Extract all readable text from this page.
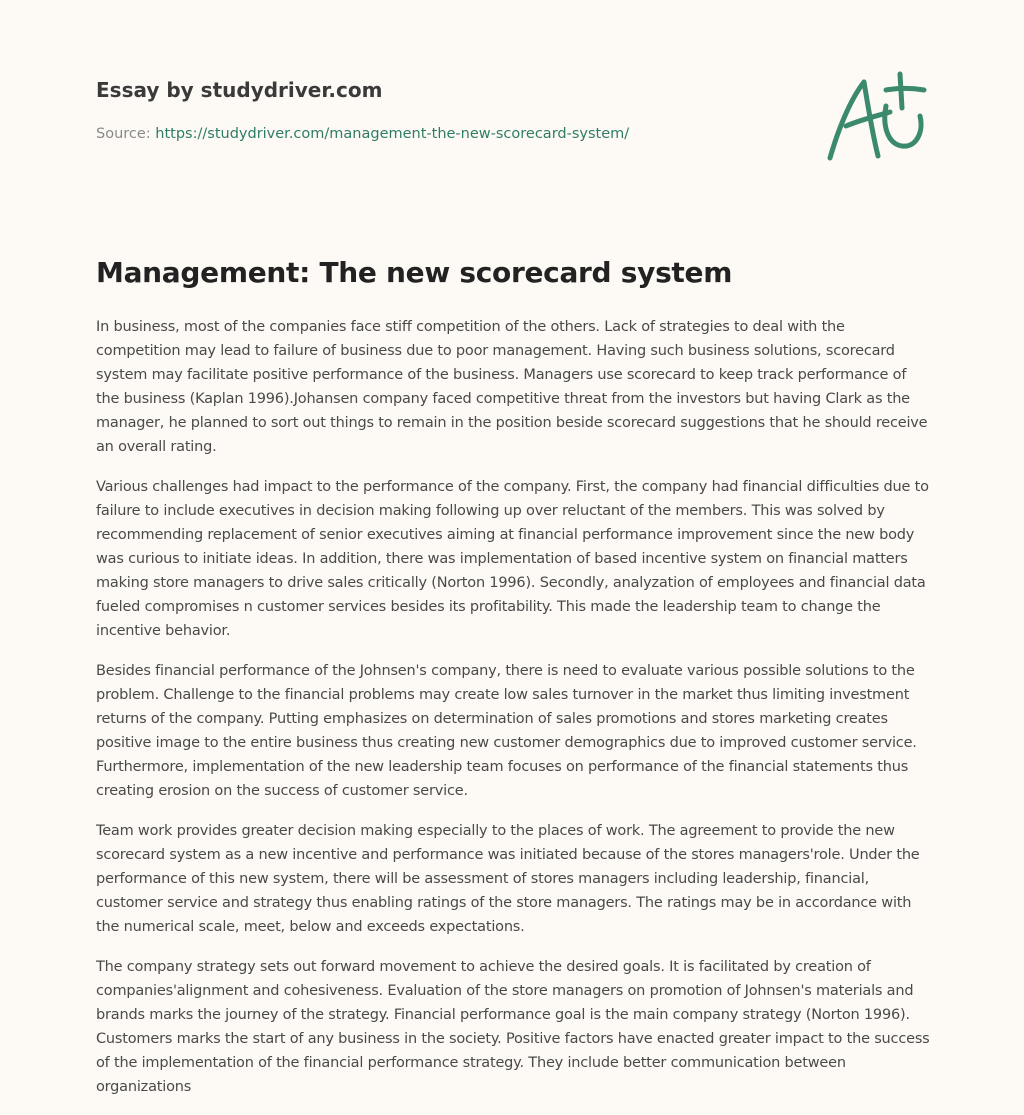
Essay by studydriver.com
Source: https://studydriver.com/management-the-new-scorecard-system/
Management: The new scorecard system

In business, most of the companies face stiff competition of the others. Lack of strategies to deal with the competition may lead to failure of business due to poor management. Having such business solutions, scorecard system may facilitate positive performance of the business. Managers use scorecard to keep track performance of the business (Kaplan 1996).Johansen company faced competitive threat from the investors but having Clark as the manager, he planned to sort out things to remain in the position beside scorecard suggestions that he should receive an overall rating.

Various challenges had impact to the performance of the company. First, the company had financial difficulties due to failure to include executives in decision making following up over reluctant of the members. This was solved by recommending replacement of senior executives aiming at financial performance improvement since the new body was curious to initiate ideas. In addition, there was implementation of based incentive system on financial matters making store managers to drive sales critically (Norton 1996). Secondly, analyzation of employees and financial data fueled compromises n customer services besides its profitability. This made the leadership team to change the incentive behavior.

Besides financial performance of the Johnsen's company, there is need to evaluate various possible solutions to the problem. Challenge to the financial problems may create low sales turnover in the market thus limiting investment returns of the company. Putting emphasizes on determination of sales promotions and stores marketing creates positive image to the entire business thus creating new customer demographics due to improved customer service. Furthermore, implementation of the new leadership team focuses on performance of the financial statements thus creating erosion on the success of customer service.

Team work provides greater decision making especially to the places of work. The agreement to provide the new scorecard system as a new incentive and performance was initiated because of the stores managers'role. Under the performance of this new system, there will be assessment of stores managers including leadership, financial, customer service and strategy thus enabling ratings of the store managers. The ratings may be in accordance with the numerical scale, meet, below and exceeds expectations.

The company strategy sets out forward movement to achieve the desired goals. It is facilitated by creation of companies'alignment and cohesiveness. Evaluation of the store managers on promotion of Johnsen's materials and brands marks the journey of the strategy. Financial performance goal is the main company strategy (Norton 1996). Customers marks the start of any business in the society. Positive factors have enacted greater impact to the success of the implementation of the financial performance strategy. They include better communication between organizations
